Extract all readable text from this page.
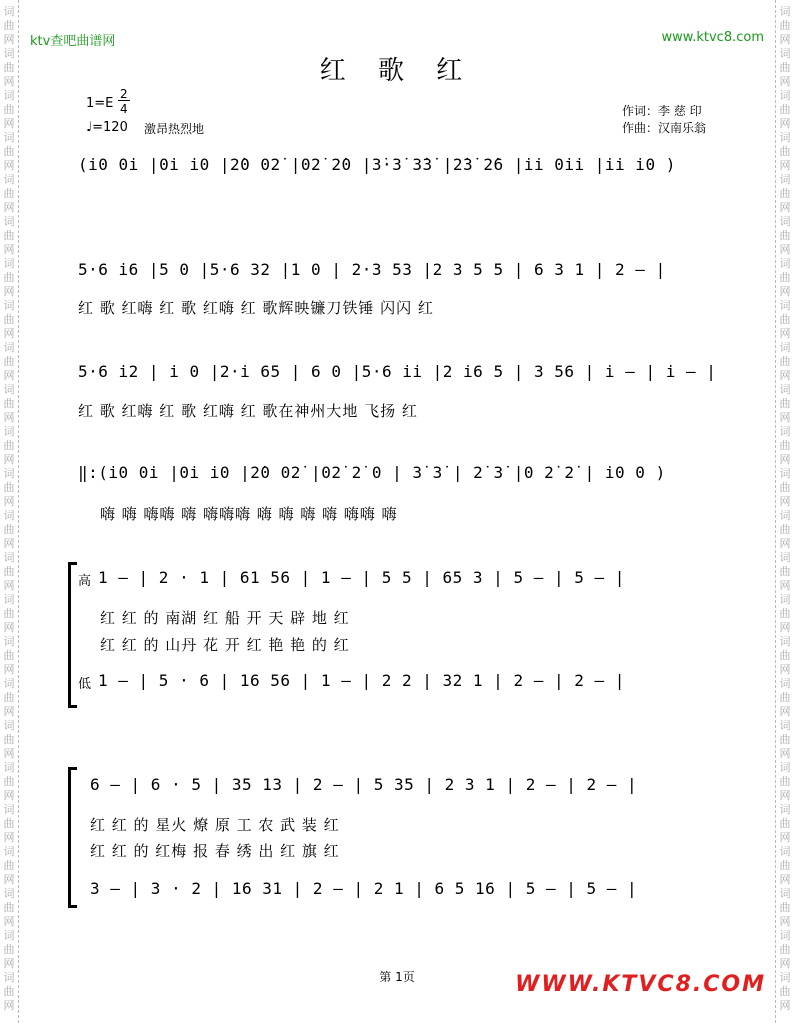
词
曲
网
词
曲
网
词
曲
网
词
曲
网
词
曲
网
词
曲
网
词
曲
网
词
曲
网
词
曲
网
词
曲
网
词
曲
网
词
曲
网
词
曲
网
词
曲
网
词
曲
网
词
曲
网
词
曲
网
词
曲
网
词
曲
网
词
曲
网
词
曲
网
词
曲
网
词
曲
网
词
曲
网
词
曲
网
词
曲
网
词
曲
网
词
曲
网
词
曲
网
词
曲
网
词
曲
网
词
曲
网
词
曲
网
词
曲
网
词
曲
网
词
曲
网
词
曲
网
词
曲
网
词
曲
网
词
曲
网
词
曲
网
词
曲
网
词
曲
网
词
曲
网
词
曲
网
词
曲
网
词
曲
网
词
曲
网
ktv查吧曲谱网	www.ktvc8.com
红 歌 红
1=E
2
4
♩=120 激昂热烈地
作词：李 慈 印
作曲：汉南乐翁
(i0 0i |0i i0 |2̇0 02̇ |02̇ 2̇0 |3̇·3̇ 3̇3̇ |2̇3̇ 2̇6 |ii 0ii |ii i0 )
5·6 i6 |5 0 |5·6 32 |1 0 | 2·3 53 |2 3 5 5 | 6 3 1 | 2 – |
红 歌 红嗨 红 歌 红嗨 红 歌辉映镰刀铁锤 闪闪 红
5·6 i2 | i 0 |2·i 65 | 6 0 |5·6 ii |2 i6 5 | 3 56 | i – | i – |
红 歌 红嗨 红 歌 红嗨 红 歌在神州大地 飞扬 红
‖:(i0 0i |0i i0 |2̇0 02̇ |02̇ 2̇ 0 | 3̇ 3̇ | 2̇ 3̇ |0 2̇ 2̇ | i0 0 )
嗨 嗨 嗨嗨 嗨 嗨嗨嗨 嗨 嗨 嗨 嗨 嗨嗨 嗨
高 1 – | 2 · 1 | 61 56 | 1 – | 5 5 | 65 3 | 5 – | 5 – |
红 红 的 南湖 红 船 开 天 辟 地 红
红 红 的 山丹 花 开 红 艳 艳 的 红
低 1 – | 5 · 6 | 16 56 | 1 – | 2 2 | 32 1 | 2 – | 2 – |
6 – | 6 · 5 | 35 13 | 2 – | 5 35 | 2 3 1 | 2 – | 2 – |
红 红 的 星火 燎 原 工 农 武 装 红
红 红 的 红梅 报 春 绣 出 红 旗 红
3 – | 3 · 2 | 16 31 | 2 – | 2 1 | 6 5 16 | 5 – | 5 – |
第 1页	WWW.KTVC8.COM
